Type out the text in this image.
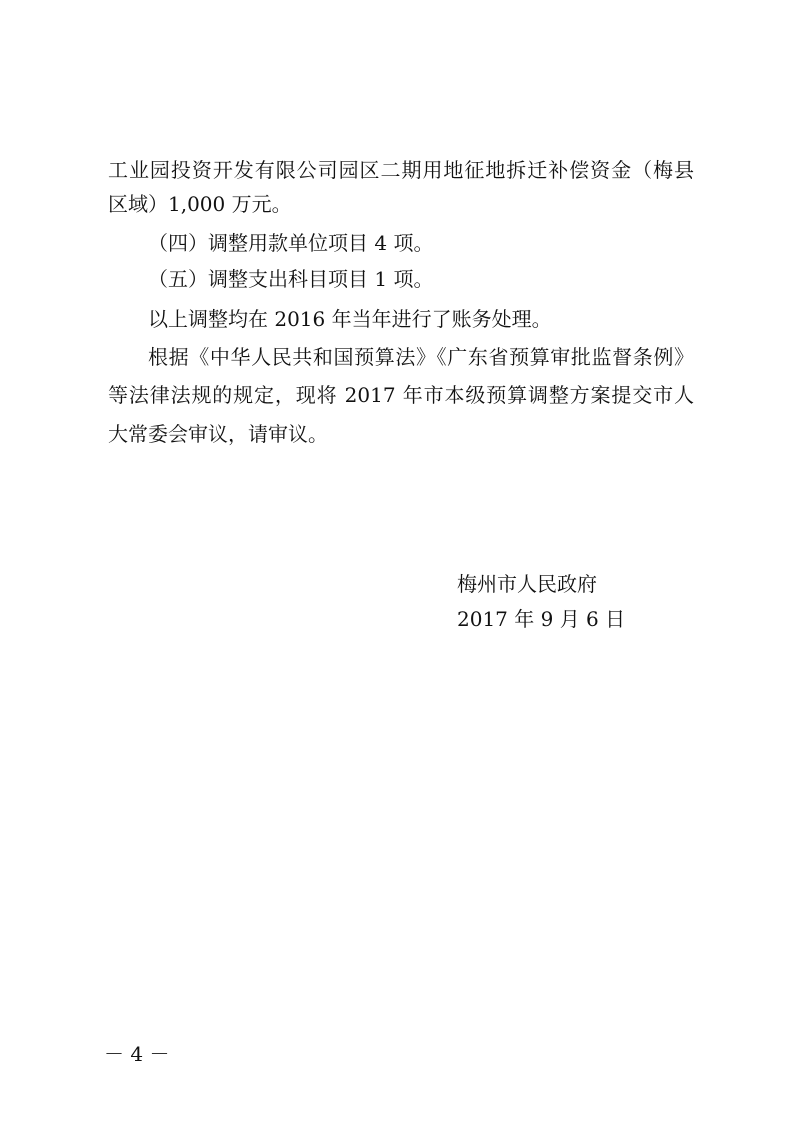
工业园投资开发有限公司园区二期用地征地拆迁补偿资金（梅县
区域）1,000 万元。
（四）调整用款单位项目 4 项。
（五）调整支出科目项目 1 项。
以上调整均在 2016 年当年进行了账务处理。
根据《中华人民共和国预算法》《广东省预算审批监督条例》
等法律法规的规定，现将 2017 年市本级预算调整方案提交市人
大常委会审议，请审议。
梅州市人民政府
2017 年 9 月 6 日
－ 4 －
